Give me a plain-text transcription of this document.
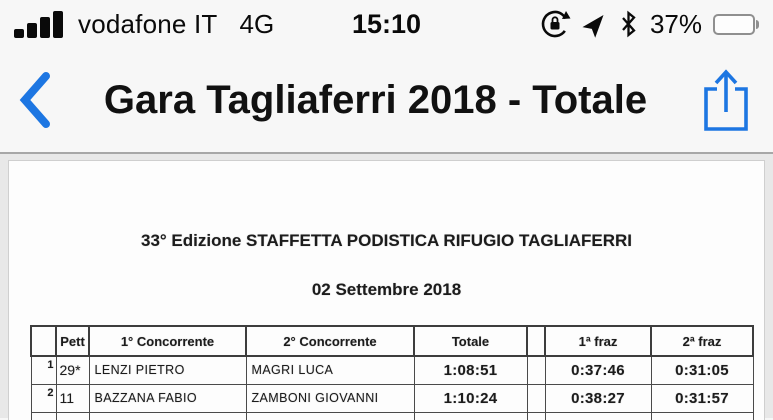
vodafone IT 4G	15:10	37%
Gara Tagliaferri 2018 - Totale
33° Edizione STAFFETTA PODISTICA RIFUGIO TAGLIAFERRI
02 Settembre 2018
	Pett	1° Concorrente	2° Concorrente	Totale		1ª fraz	2ª fraz
1	29*	LENZI PIETRO	MAGRI LUCA	1:08:51		0:37:46	0:31:05
2	11	BAZZANA FABIO	ZAMBONI GIOVANNI	1:10:24		0:38:27	0:31:57
